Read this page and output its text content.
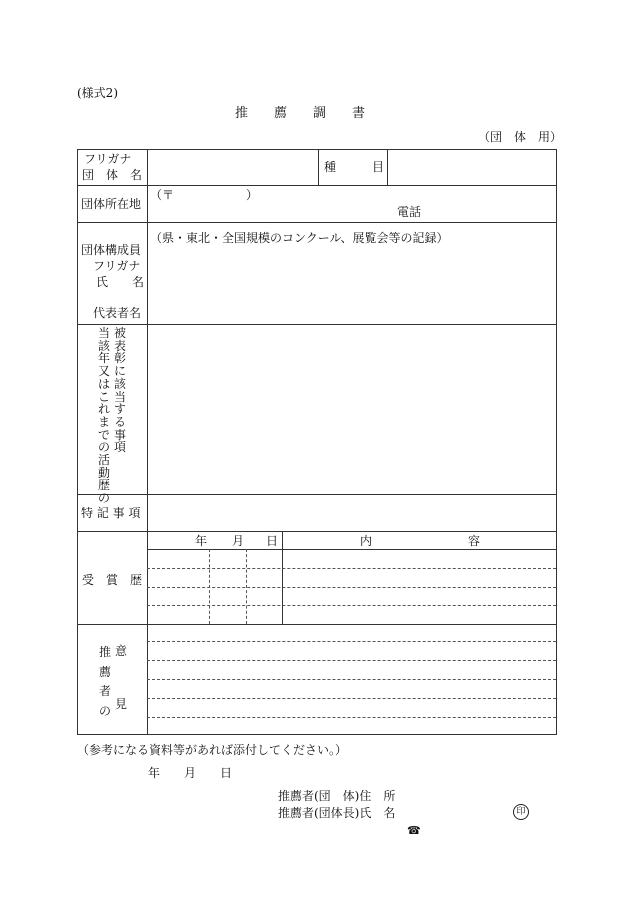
(様式2)
推　　薦　　調　　書
（団　体　用）
フリガナ
団　体　名
種　　　目
団体所在地
（〒　　　　　　）
電話
団体構成員
フリガナ
氏　　名
代表者名
（県・東北・全国規模のコンクール、展覧会等の記録）
被
表
彰
に
該
当
す
る
事
項
当
該
年
又
は
こ
れ
ま
で
の
活
動
歴
の
特 記 事 項
受　賞　歴
年 月 日	内　　　　　　　　容
推
薦
者
の
意

見
（参考になる資料等があれば添付してください。）
年　　月　　日
推薦者(団　体)住　所
推薦者(団体長)氏　名	印
☎
